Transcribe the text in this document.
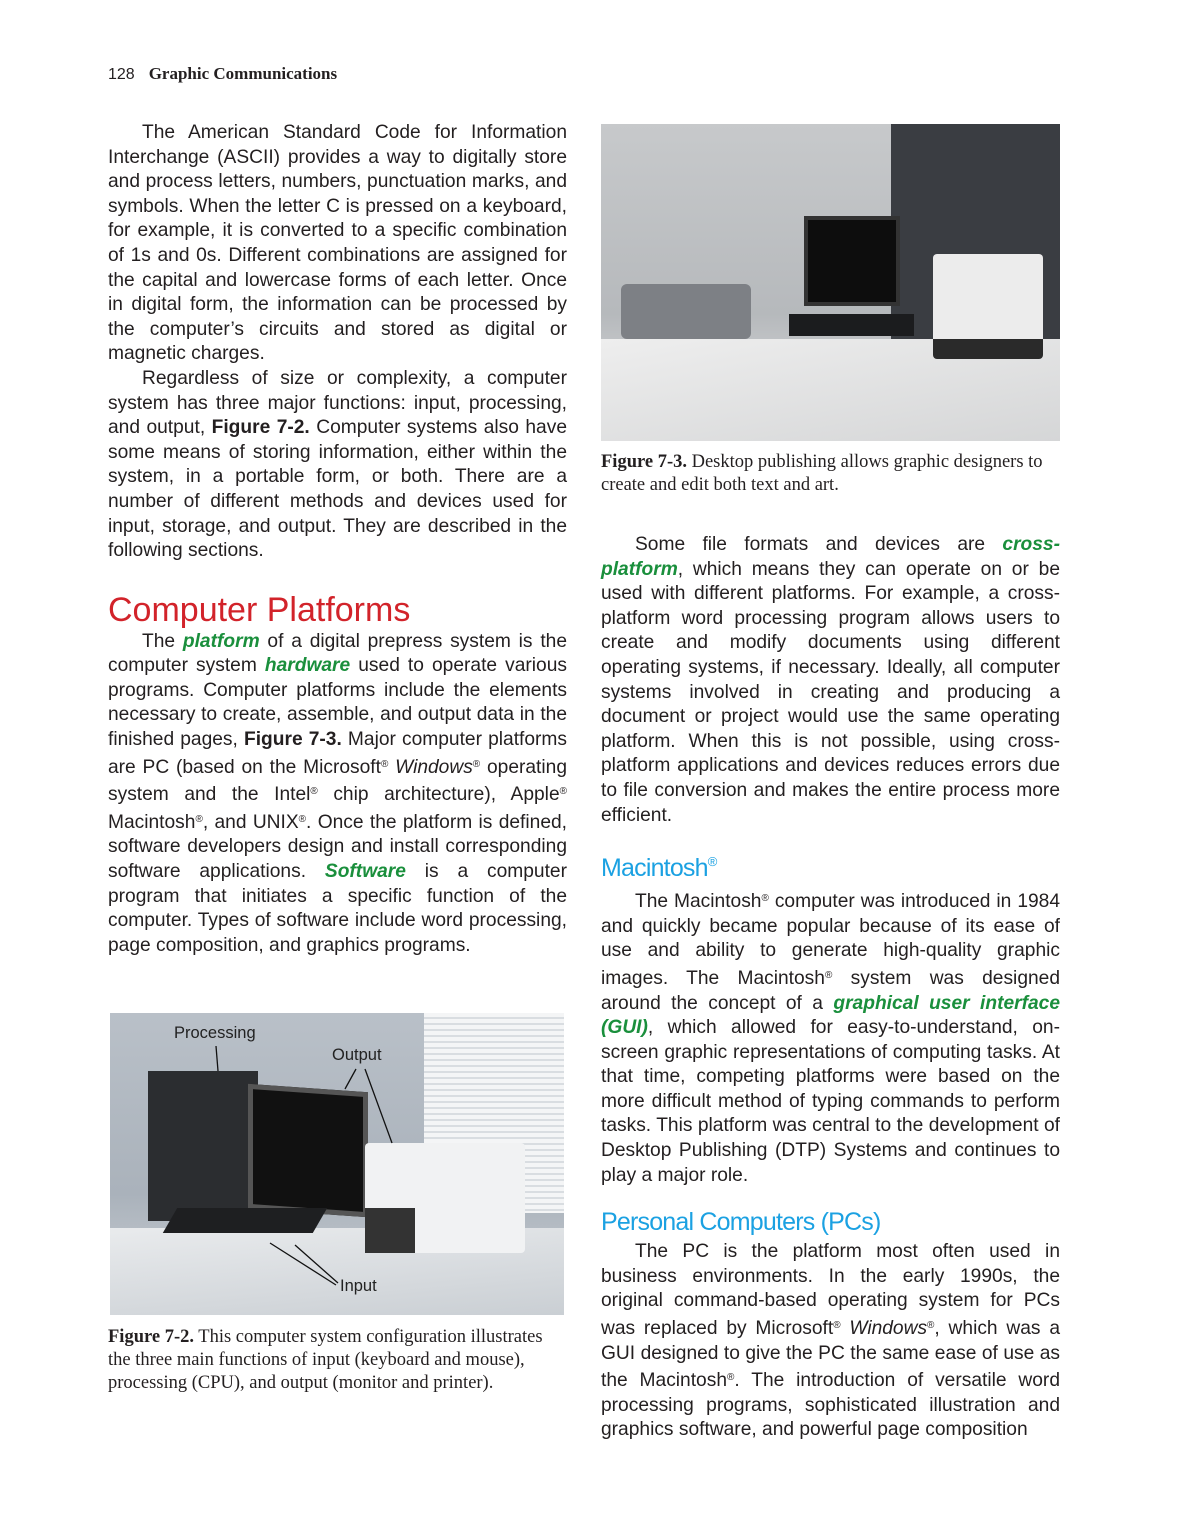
128 Graphic Communications

The American Standard Code for Information Interchange (ASCII) provides a way to digitally store and process letters, numbers, punctuation marks, and symbols. When the letter C is pressed on a keyboard, for example, it is converted to a specific combination of 1s and 0s. Different combinations are assigned for the capital and lowercase forms of each letter. Once in digital form, the information can be processed by the computer’s circuits and stored as digital or magnetic charges.

Regardless of size or complexity, a computer system has three major functions: input, processing, and output, Figure 7-2. Computer systems also have some means of storing information, either within the system, in a portable form, or both. There are a number of different methods and devices used for input, storage, and output. They are described in the following sections.

Computer Platforms

The platform of a digital prepress system is the computer system hardware used to operate various programs. Computer platforms include the elements necessary to create, assemble, and output data in the finished pages, Figure 7-3. Major computer platforms are PC (based on the Microsoft® Windows® operating system and the Intel® chip architecture), Apple® Macintosh®, and UNIX®. Once the platform is defined, software developers design and install corresponding software applications. Software is a computer program that initiates a specific function of the computer. Types of software include word processing, page composition, and graphics programs.

Processing
Output
Input
Figure 7-2. This computer system configuration illustrates the three main functions of input (keyboard and mouse), processing (CPU), and output (monitor and printer).
Figure 7-3. Desktop publishing allows graphic designers to create and edit both text and art.

Some file formats and devices are cross-platform, which means they can operate on or be used with different platforms. For example, a cross-platform word processing program allows users to create and modify documents using different operating systems, if necessary. Ideally, all computer systems involved in creating and producing a document or project would use the same operating platform. When this is not possible, using cross-platform applications and devices reduces errors due to file conversion and makes the entire process more efficient.

Macintosh®

The Macintosh® computer was introduced in 1984 and quickly became popular because of its ease of use and ability to generate high-quality graphic images. The Macintosh® system was designed around the concept of a graphical user interface (GUI), which allowed for easy-to-understand, on-screen graphic representations of computing tasks. At that time, competing platforms were based on the more difficult method of typing commands to perform tasks. This platform was central to the development of Desktop Publishing (DTP) Systems and continues to play a major role.

Personal Computers (PCs)

The PC is the platform most often used in business environments. In the early 1990s, the original command-based operating system for PCs was replaced by Microsoft® Windows®, which was a GUI designed to give the PC the same ease of use as the Macintosh®. The introduction of versatile word processing programs, sophisticated illustration and graphics software, and powerful page composition
